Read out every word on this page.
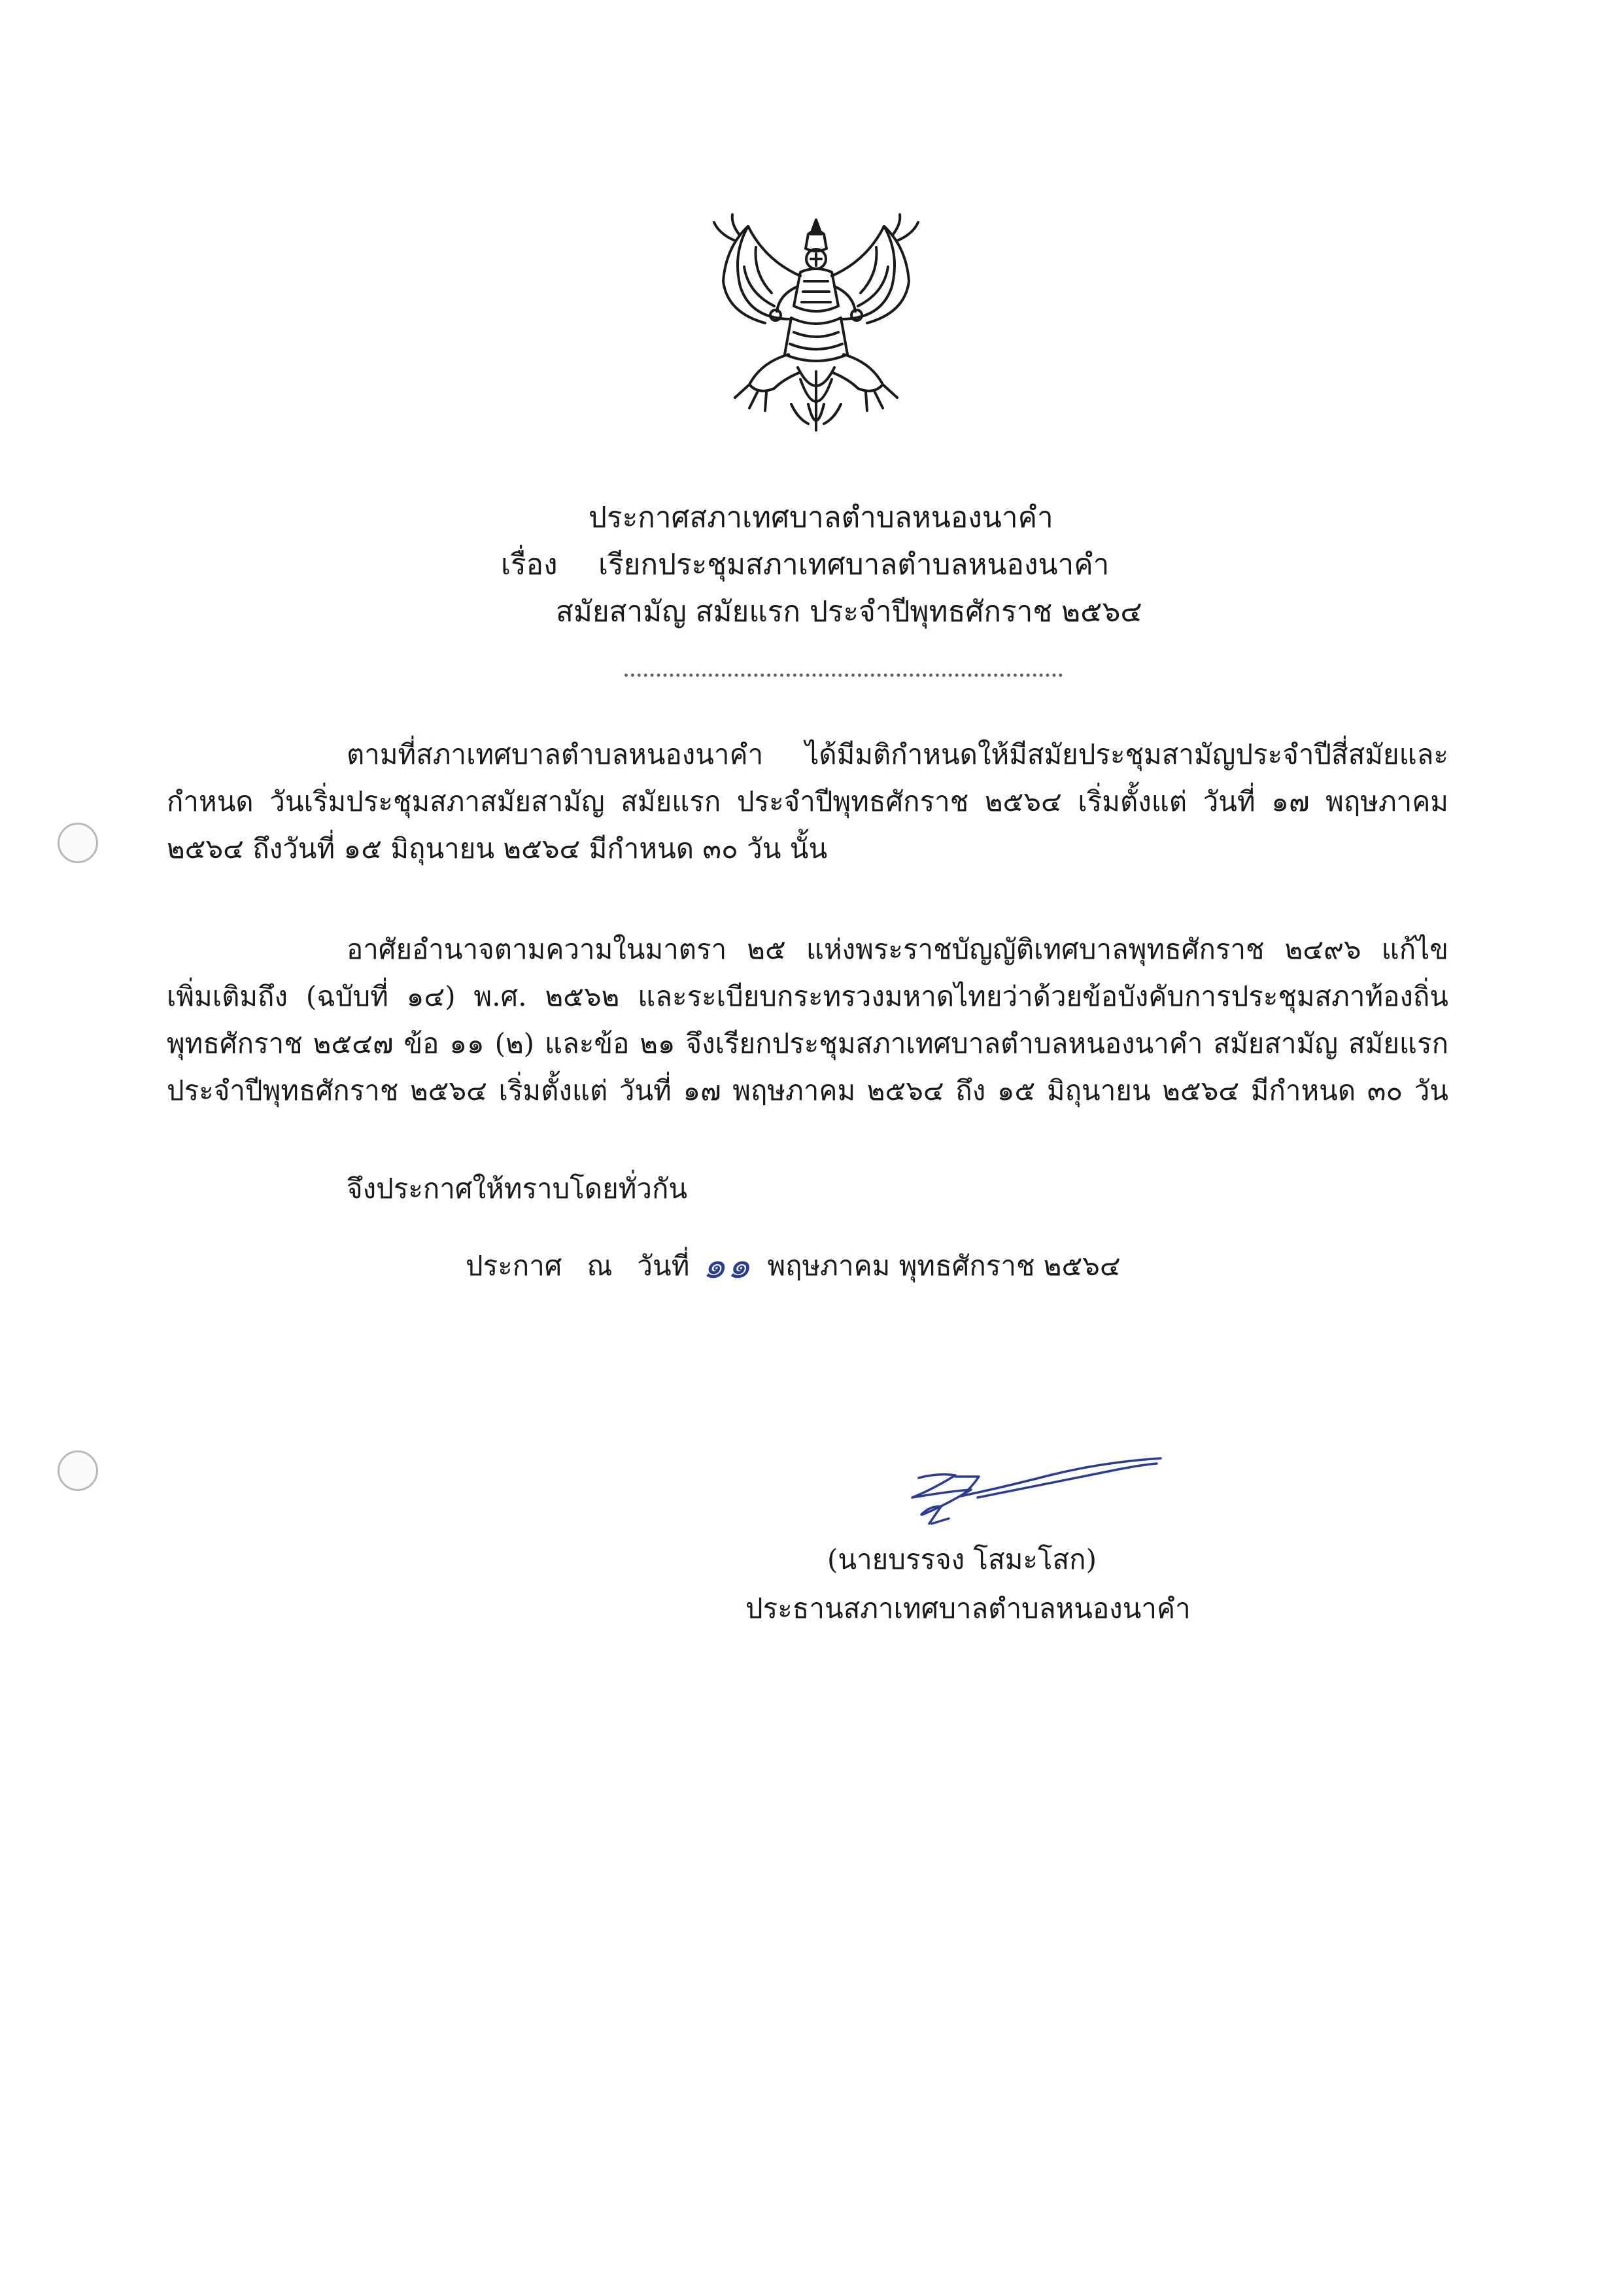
ประกาศสภาเทศบาลตำบลหนองนาคำ
เรื่อง เรียกประชุมสภาเทศบาลตำบลหนองนาคำ
สมัยสามัญ สมัยแรก ประจำปีพุทธศักราช ๒๕๖๔
ตามที่สภาเทศบาลตำบลหนองนาคำ ได้มีมติกำหนดให้มีสมัยประชุมสามัญประจำปีสี่สมัยและ
กำหนด วันเริ่มประชุมสภาสมัยสามัญ สมัยแรก ประจำปีพุทธศักราช ๒๕๖๔ เริ่มตั้งแต่ วันที่ ๑๗ พฤษภาคม
๒๕๖๔ ถึงวันที่ ๑๕ มิถุนายน ๒๕๖๔ มีกำหนด ๓๐ วัน นั้น
อาศัยอำนาจตามความในมาตรา ๒๕ แห่งพระราชบัญญัติเทศบาลพุทธศักราช ๒๔๙๖ แก้ไข
เพิ่มเติมถึง (ฉบับที่ ๑๔) พ.ศ. ๒๕๖๒ และระเบียบกระทรวงมหาดไทยว่าด้วยข้อบังคับการประชุมสภาท้องถิ่น
พุทธศักราช ๒๕๔๗ ข้อ ๑๑ (๒) และข้อ ๒๑ จึงเรียกประชุมสภาเทศบาลตำบลหนองนาคำ สมัยสามัญ สมัยแรก
ประจำปีพุทธศักราช ๒๕๖๔ เริ่มตั้งแต่ วันที่ ๑๗ พฤษภาคม ๒๕๖๔ ถึง ๑๕ มิถุนายน ๒๕๖๔ มีกำหนด ๓๐ วัน
จึงประกาศให้ทราบโดยทั่วกัน
ประกาศ ณ วันที่ ๑๑ พฤษภาคม พุทธศักราช ๒๕๖๔
(นายบรรจง โสมะโสก)
ประธานสภาเทศบาลตำบลหนองนาคำ
